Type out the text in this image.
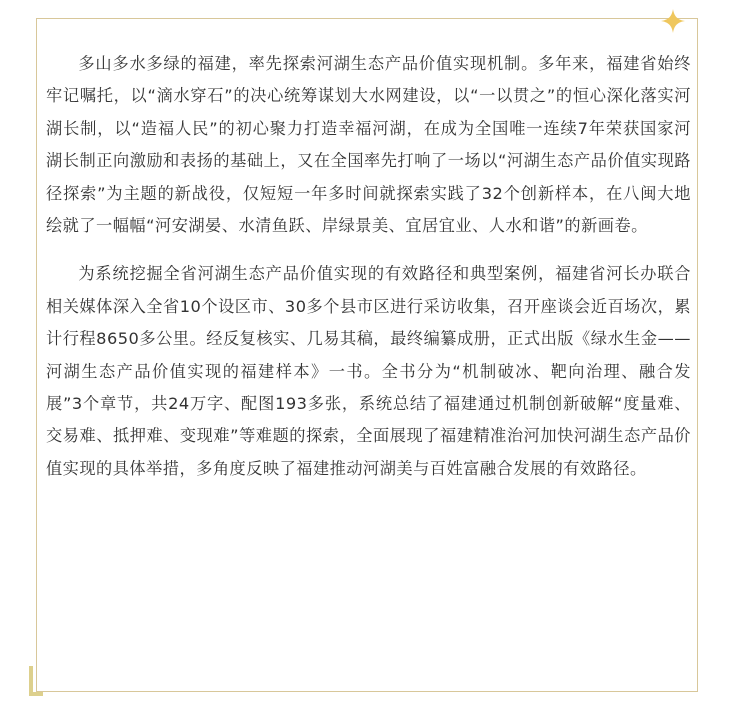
多山多水多绿的福建，率先探索河湖生态产品价值实现机制。多年来，福建省始终牢记嘱托，以“滴水穿石”的决心统筹谋划大水网建设，以“一以贯之”的恒心深化落实河湖长制，以“造福人民”的初心聚力打造幸福河湖，在成为全国唯一连续7年荣获国家河湖长制正向激励和表扬的基础上，又在全国率先打响了一场以“河湖生态产品价值实现路径探索”为主题的新战役，仅短短一年多时间就探索实践了32个创新样本，在八闽大地绘就了一幅幅“河安湖晏、水清鱼跃、岸绿景美、宜居宜业、人水和谐”的新画卷。

为系统挖掘全省河湖生态产品价值实现的有效路径和典型案例，福建省河长办联合相关媒体深入全省10个设区市、30多个县市区进行采访收集，召开座谈会近百场次，累计行程8650多公里。经反复核实、几易其稿，最终编纂成册，正式出版《绿水生金——河湖生态产品价值实现的福建样本》一书。全书分为“机制破冰、靶向治理、融合发展”3个章节，共24万字、配图193多张，系统总结了福建通过机制创新破解“度量难、交易难、抵押难、变现难”等难题的探索，全面展现了福建精准治河加快河湖生态产品价值实现的具体举措，多角度反映了福建推动河湖美与百姓富融合发展的有效路径。
